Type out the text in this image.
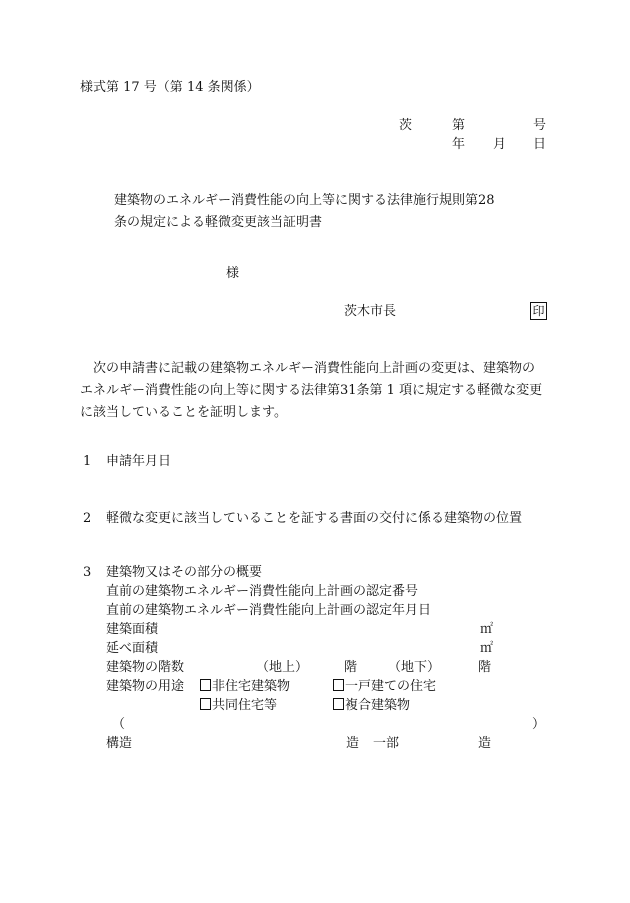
様式第 17 号（第 14 条関係）
茨	第	号
年 月 日
建築物のエネルギー消費性能の向上等に関する法律施行規則第28
条の規定による軽微変更該当証明書
様
茨木市長	印
次の申請書に記載の建築物エネルギー消費性能向上計画の変更は、建築物の
エネルギー消費性能の向上等に関する法律第31条第 1 項に規定する軽微な変更
に該当していることを証明します。
1 申請年月日
2 軽微な変更に該当していることを証する書面の交付に係る建築物の位置
3 建築物又はその部分の概要
直前の建築物エネルギー消費性能向上計画の認定番号
直前の建築物エネルギー消費性能向上計画の認定年月日
建築面積	㎡
延べ面積	㎡
建築物の階数	（地上）	階 （地下）	階
建築物の用途	非住宅建築物	一戸建ての住宅
共同住宅等	複合建築物
（	）
構造	造 一部	造
